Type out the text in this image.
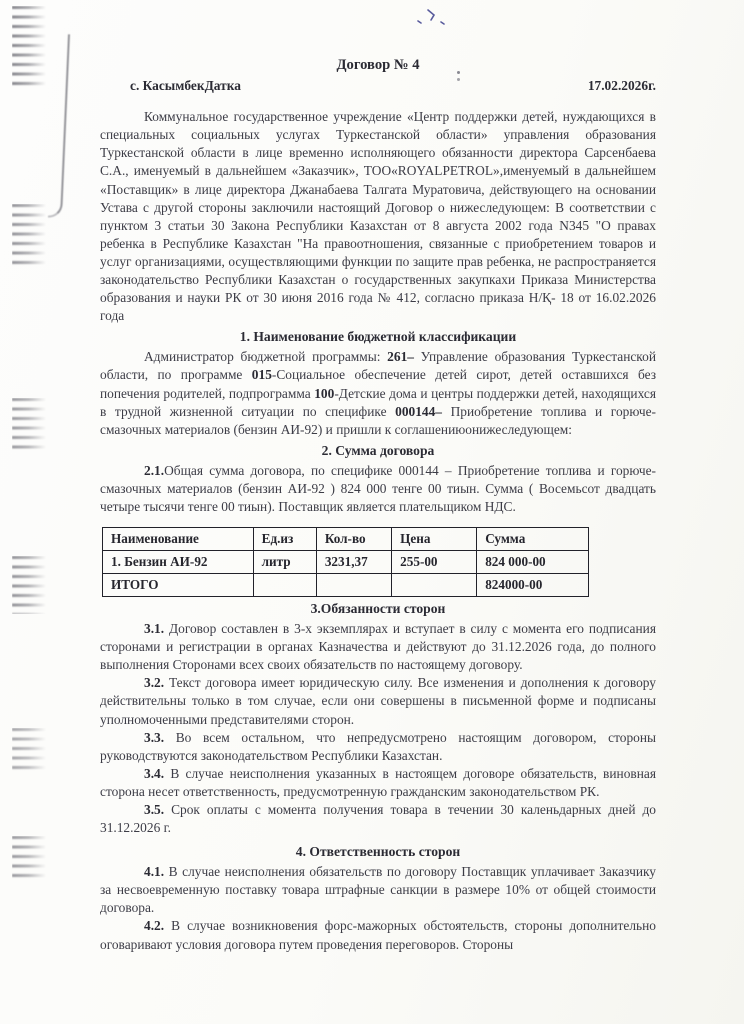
Договор № 4
с. КасымбекДатка	17.02.2026г.

Коммунальное государственное учреждение «Центр поддержки детей, нуждающихся в специальных социальных услугах Туркестанской области» управления образования Туркестанской области в лице временно исполняющего обязанности директора Сарсенбаева С.А., именуемый в дальнейшем «Заказчик», ТОО«ROYALPETROL»,именуемый в дальнейшем «Поставщик» в лице директора Джанабаева Талгата Муратовича, действующего на основании Устава с другой стороны заключили настоящий Договор о нижеследующем: В соответствии с пунктом 3 статьи 30 Закона Республики Казахстан от 8 августа 2002 года N345 "О правах ребенка в Республике Казахстан "На правоотношения, связанные с приобретением товаров и услуг организациями, осуществляющими функции по защите прав ребенка, не распространяется законодательство Республики Казахстан о государственных закупкахи Приказа Министерства образования и науки РК от 30 июня 2016 года № 412, согласно приказа Н/Қ- 18 от 16.02.2026 года

1. Наименование бюджетной классификации

Администратор бюджетной программы: 261– Управление образования Туркестанской области, по программе 015-Социальное обеспечение детей сирот, детей оставшихся без попечения родителей, подпрограмма 100-Детские дома и центры поддержки детей, находящихся в трудной жизненной ситуации по специфике 000144– Приобретение топлива и горюче-смазочных материалов (бензин АИ-92) и пришли к соглашениюонижеследующем:

2. Сумма договора

2.1.Общая сумма договора, по специфике 000144 – Приобретение топлива и горюче-смазочных материалов (бензин АИ-92 ) 824 000 тенге 00 тиын. Сумма ( Восемьсот двадцать четыре тысячи тенге 00 тиын). Поставщик является плательщиком НДС.

Наименование	Ед.из	Кол-во	Цена	Сумма
1. Бензин АИ-92	литр	3231,37	255-00	824 000-00
ИТОГО				824000-00
3.Обязанности сторон

3.1. Договор составлен в 3-х экземплярах и вступает в силу с момента его подписания сторонами и регистрации в органах Казначества и действуют до 31.12.2026 года, до полного выполнения Сторонами всех своих обязательств по настоящему договору.

3.2. Текст договора имеет юридическую силу. Все изменения и дополнения к договору действительны только в том случае, если они совершены в письменной форме и подписаны уполномоченными представителями сторон.

3.3. Во всем остальном, что непредусмотрено настоящим договором, стороны руководствуются законодательством Республики Казахстан.

3.4. В случае неисполнения указанных в настоящем договоре обязательств, виновная сторона несет ответственность, предусмотренную гражданским законодательством РК.

3.5. Срок оплаты с момента получения товара в течении 30 каленьдарных дней до 31.12.2026 г.

4. Ответственность сторон

4.1. В случае неисполнения обязательств по договору Поставщик уплачивает Заказчику за несвоевременную поставку товара штрафные санкции в размере 10% от общей стоимости договора.

4.2. В случае возникновения форс-мажорных обстоятельств, стороны дополнительно оговаривают условия договора путем проведения переговоров. Стороны
